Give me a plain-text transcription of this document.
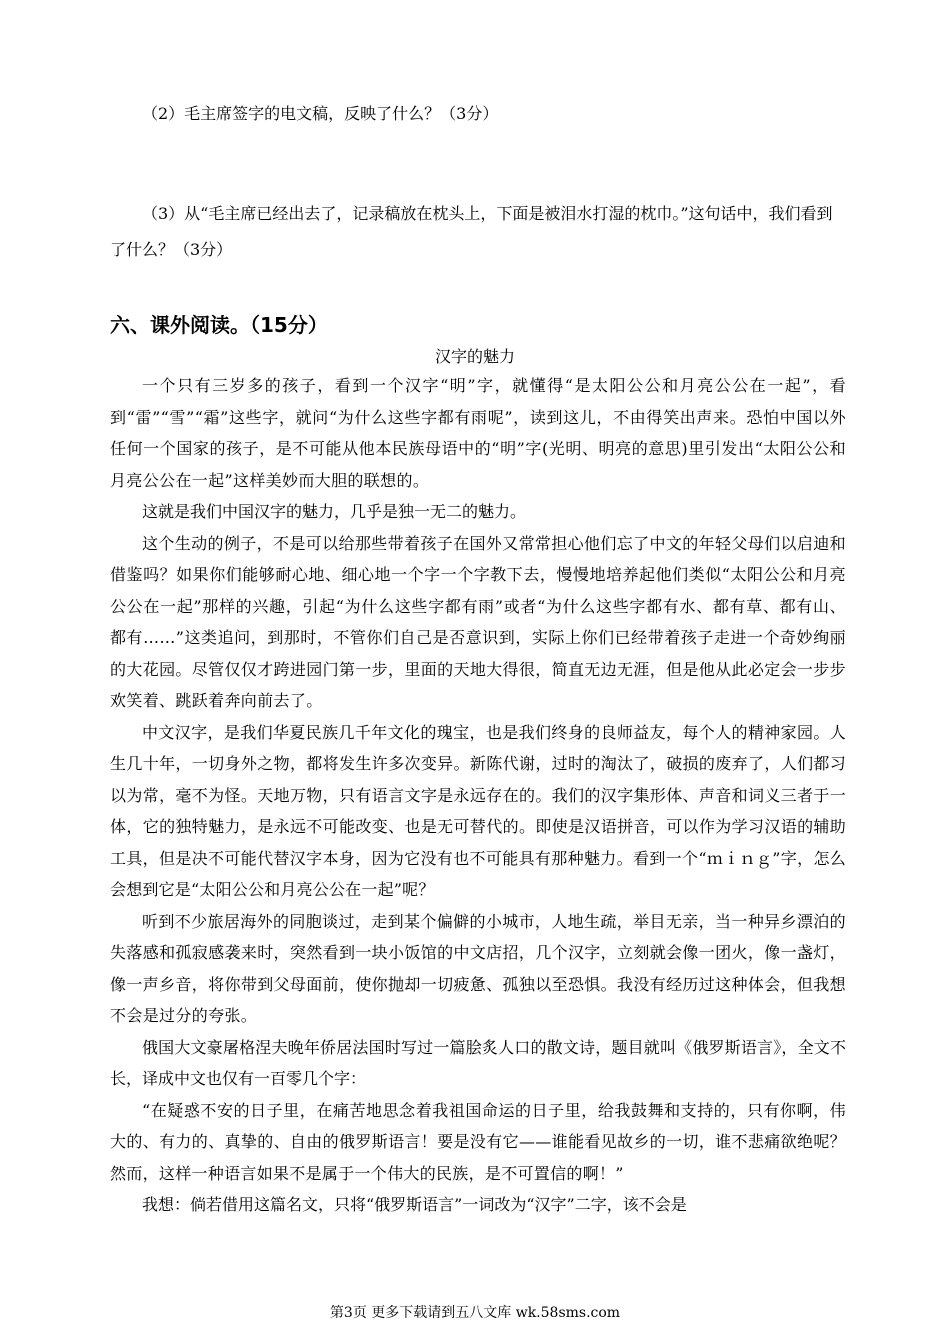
（2）毛主席签字的电文稿，反映了什么？（3分）

（3）从“毛主席已经出去了，记录稿放在枕头上，下面是被泪水打湿的枕巾。”这句话中，我们看到了什么？（3分）

六、课外阅读。（15分）
汉字的魅力

一个只有三岁多的孩子，看到一个汉字“明”字，就懂得“是太阳公公和月亮公公在一起”，看到“雷”“雪”“霜”这些字，就问“为什么这些字都有雨呢”，读到这儿，不由得笑出声来。恐怕中国以外任何一个国家的孩子，是不可能从他本民族母语中的“明”字(光明、明亮的意思)里引发出“太阳公公和月亮公公在一起”这样美妙而大胆的联想的。

这就是我们中国汉字的魅力，几乎是独一无二的魅力。

这个生动的例子，不是可以给那些带着孩子在国外又常常担心他们忘了中文的年轻父母们以启迪和借鉴吗？如果你们能够耐心地、细心地一个字一个字教下去，慢慢地培养起他们类似“太阳公公和月亮公公在一起”那样的兴趣，引起“为什么这些字都有雨”或者“为什么这些字都有水、都有草、都有山、都有……”这类追问，到那时，不管你们自己是否意识到，实际上你们已经带着孩子走进一个奇妙绚丽的大花园。尽管仅仅才跨进园门第一步，里面的天地大得很，简直无边无涯，但是他从此必定会一步步欢笑着、跳跃着奔向前去了。

中文汉字，是我们华夏民族几千年文化的瑰宝，也是我们终身的良师益友，每个人的精神家园。人生几十年，一切身外之物，都将发生许多次变异。新陈代谢，过时的淘汰了，破损的废弃了，人们都习以为常，毫不为怪。天地万物，只有语言文字是永远存在的。我们的汉字集形体、声音和词义三者于一体，它的独特魅力，是永远不可能改变、也是无可替代的。即使是汉语拼音，可以作为学习汉语的辅助工具，但是决不可能代替汉字本身，因为它没有也不可能具有那种魅力。看到一个“ｍｉｎｇ”字，怎么会想到它是“太阳公公和月亮公公在一起”呢？

听到不少旅居海外的同胞谈过，走到某个偏僻的小城市，人地生疏，举目无亲，当一种异乡漂泊的失落感和孤寂感袭来时，突然看到一块小饭馆的中文店招，几个汉字，立刻就会像一团火，像一盏灯，像一声乡音，将你带到父母面前，使你抛却一切疲惫、孤独以至恐惧。我没有经历过这种体会，但我想不会是过分的夸张。

俄国大文豪屠格涅夫晚年侨居法国时写过一篇脍炙人口的散文诗，题目就叫《俄罗斯语言》，全文不长，译成中文也仅有一百零几个字：

“在疑惑不安的日子里，在痛苦地思念着我祖国命运的日子里，给我鼓舞和支持的，只有你啊，伟大的、有力的、真挚的、自由的俄罗斯语言！要是没有它——谁能看见故乡的一切，谁不悲痛欲绝呢？然而，这样一种语言如果不是属于一个伟大的民族，是不可置信的啊！”

我想：倘若借用这篇名文，只将“俄罗斯语言”一词改为“汉字”二字，该不会是

第3页 更多下载请到五八文库 wk.58sms.com
